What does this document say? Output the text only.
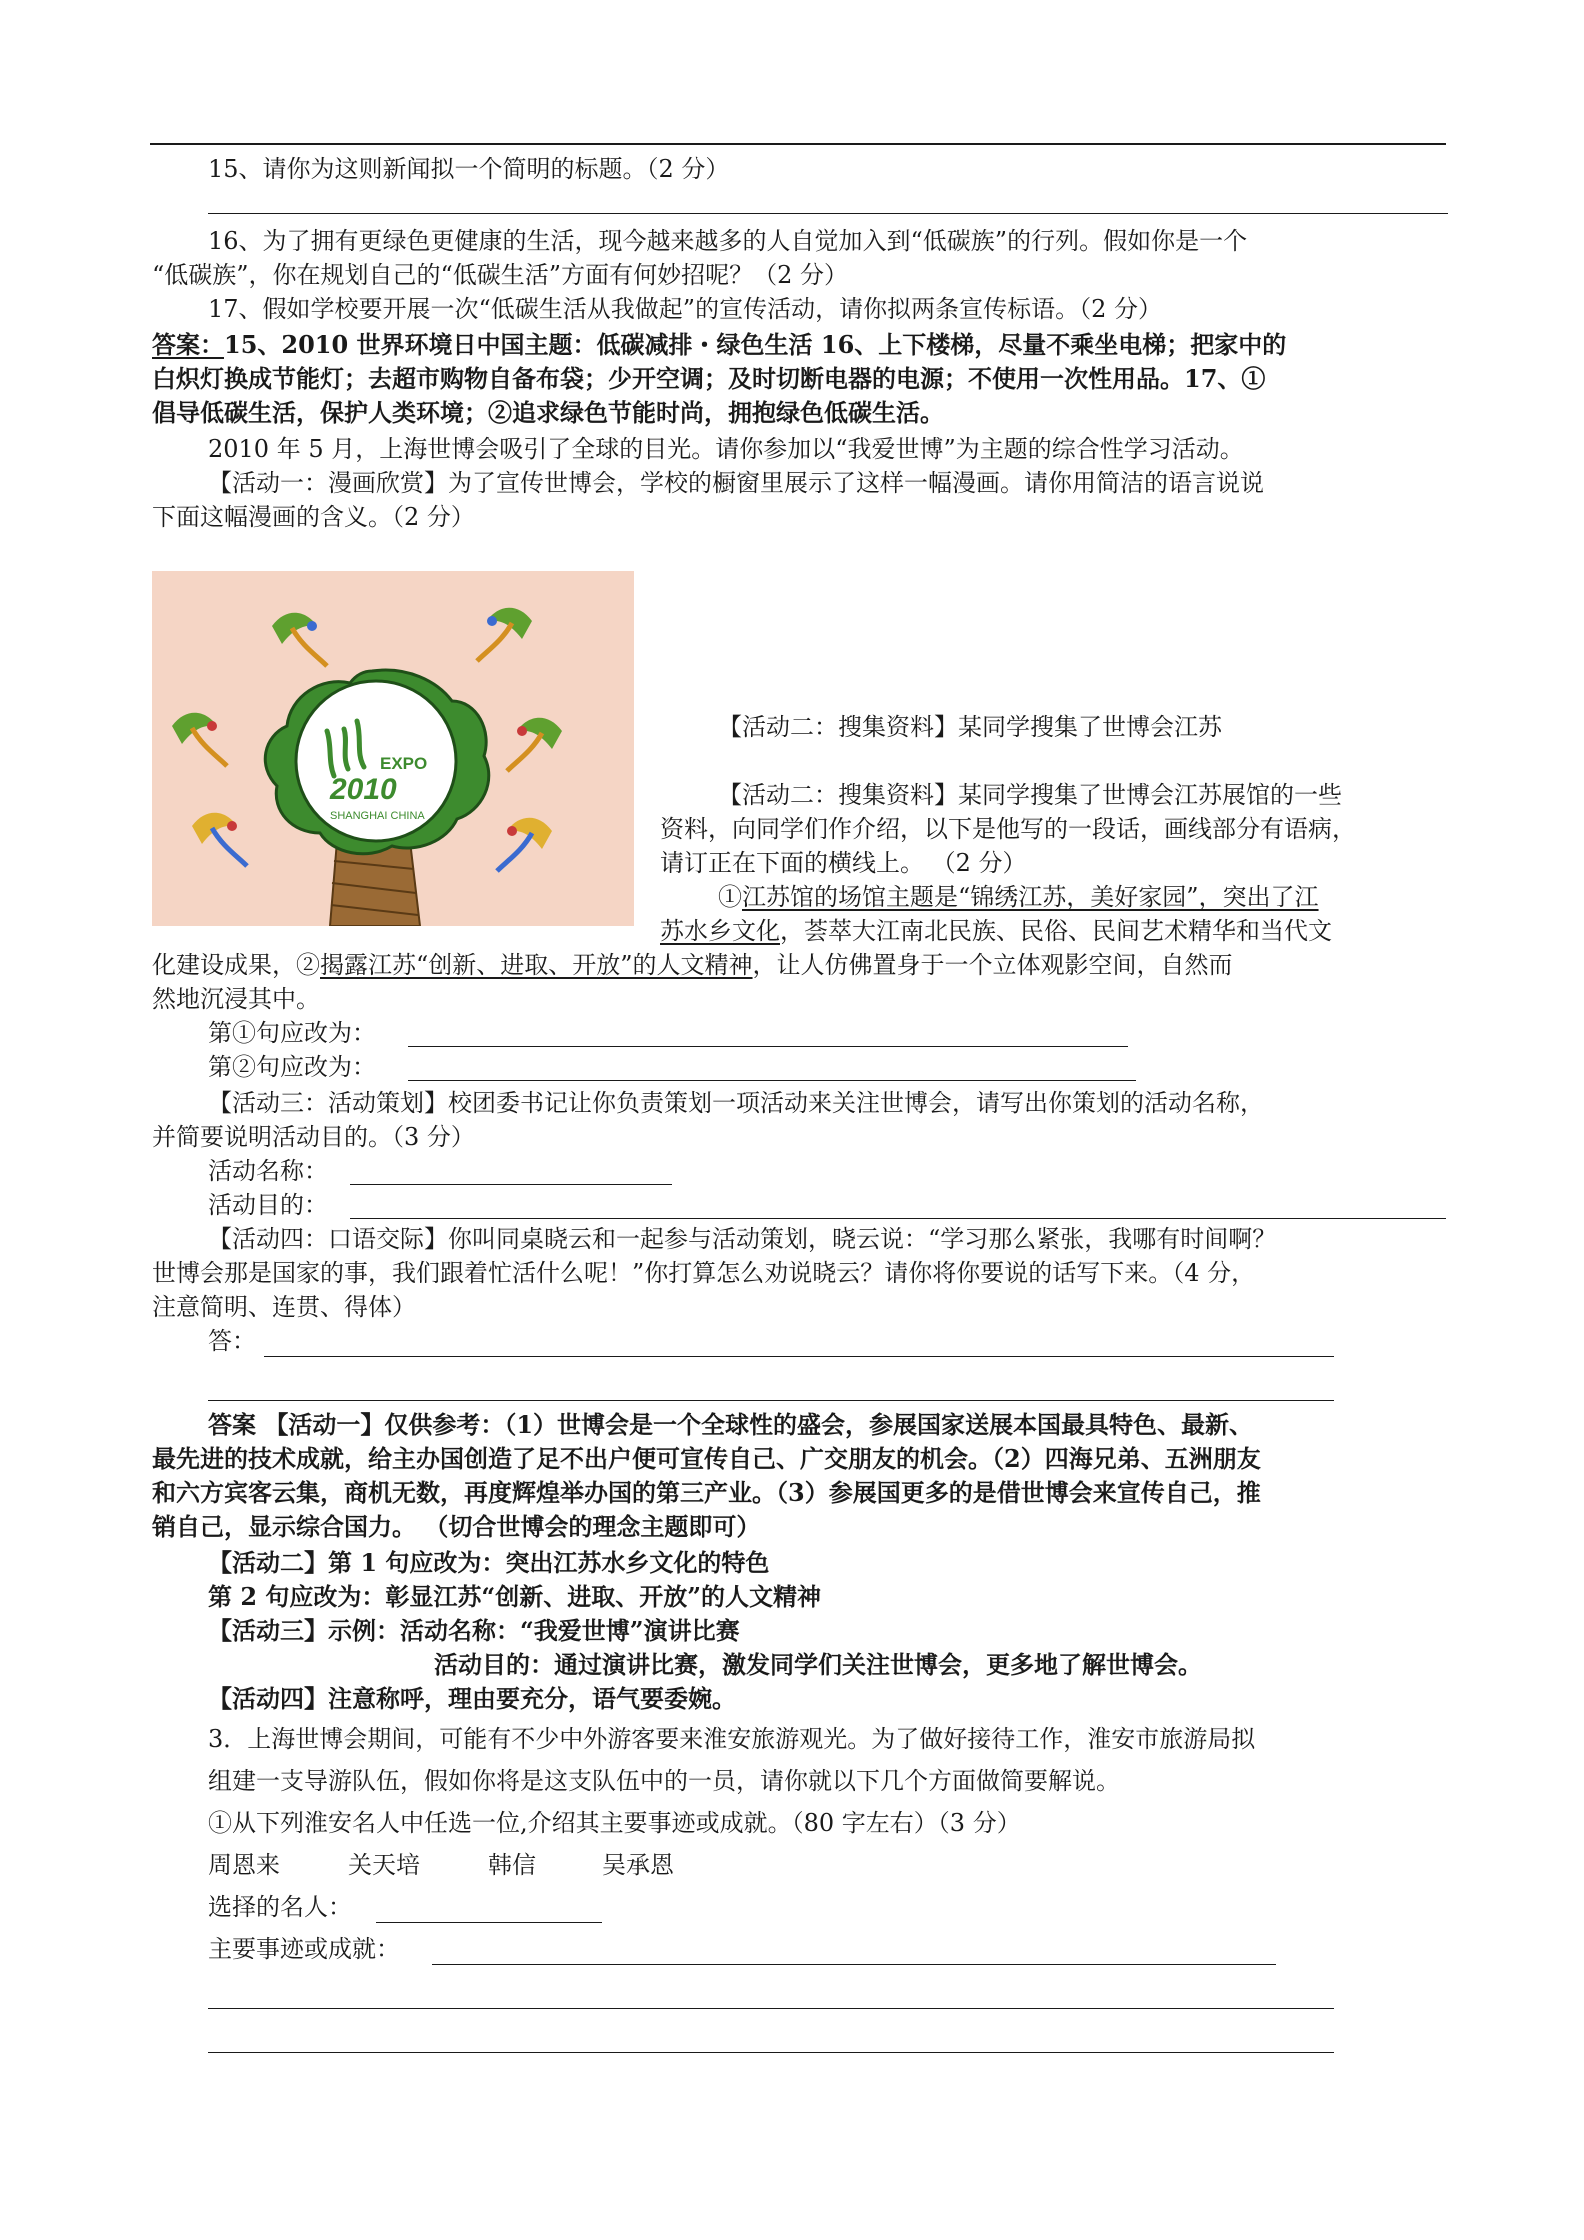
15、请你为这则新闻拟一个简明的标题。（2 分）
16、为了拥有更绿色更健康的生活，现今越来越多的人自觉加入到“低碳族”的行列。假如你是一个
“低碳族”，你在规划自己的“低碳生活”方面有何妙招呢？（2 分）
17、假如学校要开展一次“低碳生活从我做起”的宣传活动，请你拟两条宣传标语。（2 分）
答案：15、2010 世界环境日中国主题：低碳减排・绿色生活 16、上下楼梯，尽量不乘坐电梯；把家中的
白炽灯换成节能灯；去超市购物自备布袋；少开空调；及时切断电器的电源；不使用一次性用品。17、①
倡导低碳生活，保护人类环境；②追求绿色节能时尚，拥抱绿色低碳生活。
2010 年 5 月，上海世博会吸引了全球的目光。请你参加以“我爱世博”为主题的综合性学习活动。
【活动一：漫画欣赏】为了宣传世博会，学校的橱窗里展示了这样一幅漫画。请你用简洁的语言说说
下面这幅漫画的含义。（2 分）
EXPO
2010
SHANGHAI CHINA
【活动二：搜集资料】某同学搜集了世博会江苏
【活动二：搜集资料】某同学搜集了世博会江苏展馆的一些
资料，向同学们作介绍，以下是他写的一段话，画线部分有语病，
请订正在下面的横线上。 （2 分）
①江苏馆的场馆主题是“锦绣江苏，美好家园”，突出了江
苏水乡文化，荟萃大江南北民族、民俗、民间艺术精华和当代文
化建设成果，②揭露江苏“创新、进取、开放”的人文精神，让人仿佛置身于一个立体观影空间，自然而
然地沉浸其中。
第①句应改为：
第②句应改为：
【活动三：活动策划】校团委书记让你负责策划一项活动来关注世博会，请写出你策划的活动名称，
并简要说明活动目的。（3 分）
活动名称：
活动目的：
【活动四：口语交际】你叫同桌晓云和一起参与活动策划，晓云说：“学习那么紧张，我哪有时间啊？
世博会那是国家的事，我们跟着忙活什么呢！”你打算怎么劝说晓云？请你将你要说的话写下来。（4 分，
注意简明、连贯、得体）
答：
答案 【活动一】仅供参考：（1）世博会是一个全球性的盛会，参展国家送展本国最具特色、最新、
最先进的技术成就，给主办国创造了足不出户便可宣传自己、广交朋友的机会。（2）四海兄弟、五洲朋友
和六方宾客云集，商机无数，再度辉煌举办国的第三产业。（3）参展国更多的是借世博会来宣传自己，推
销自己，显示综合国力。 （切合世博会的理念主题即可）
【活动二】第 1 句应改为：突出江苏水乡文化的特色
第 2 句应改为：彰显江苏“创新、进取、开放”的人文精神
【活动三】示例：活动名称：“我爱世博”演讲比赛
活动目的：通过演讲比赛，激发同学们关注世博会，更多地了解世博会。
【活动四】注意称呼，理由要充分，语气要委婉。
3．上海世博会期间，可能有不少中外游客要来淮安旅游观光。为了做好接待工作，淮安市旅游局拟
组建一支导游队伍，假如你将是这支队伍中的一员，请你就以下几个方面做简要解说。
①从下列淮安名人中任选一位,介绍其主要事迹或成就。（80 字左右）（3 分）
周恩来	关天培	韩信	吴承恩
选择的名人：
主要事迹或成就：
